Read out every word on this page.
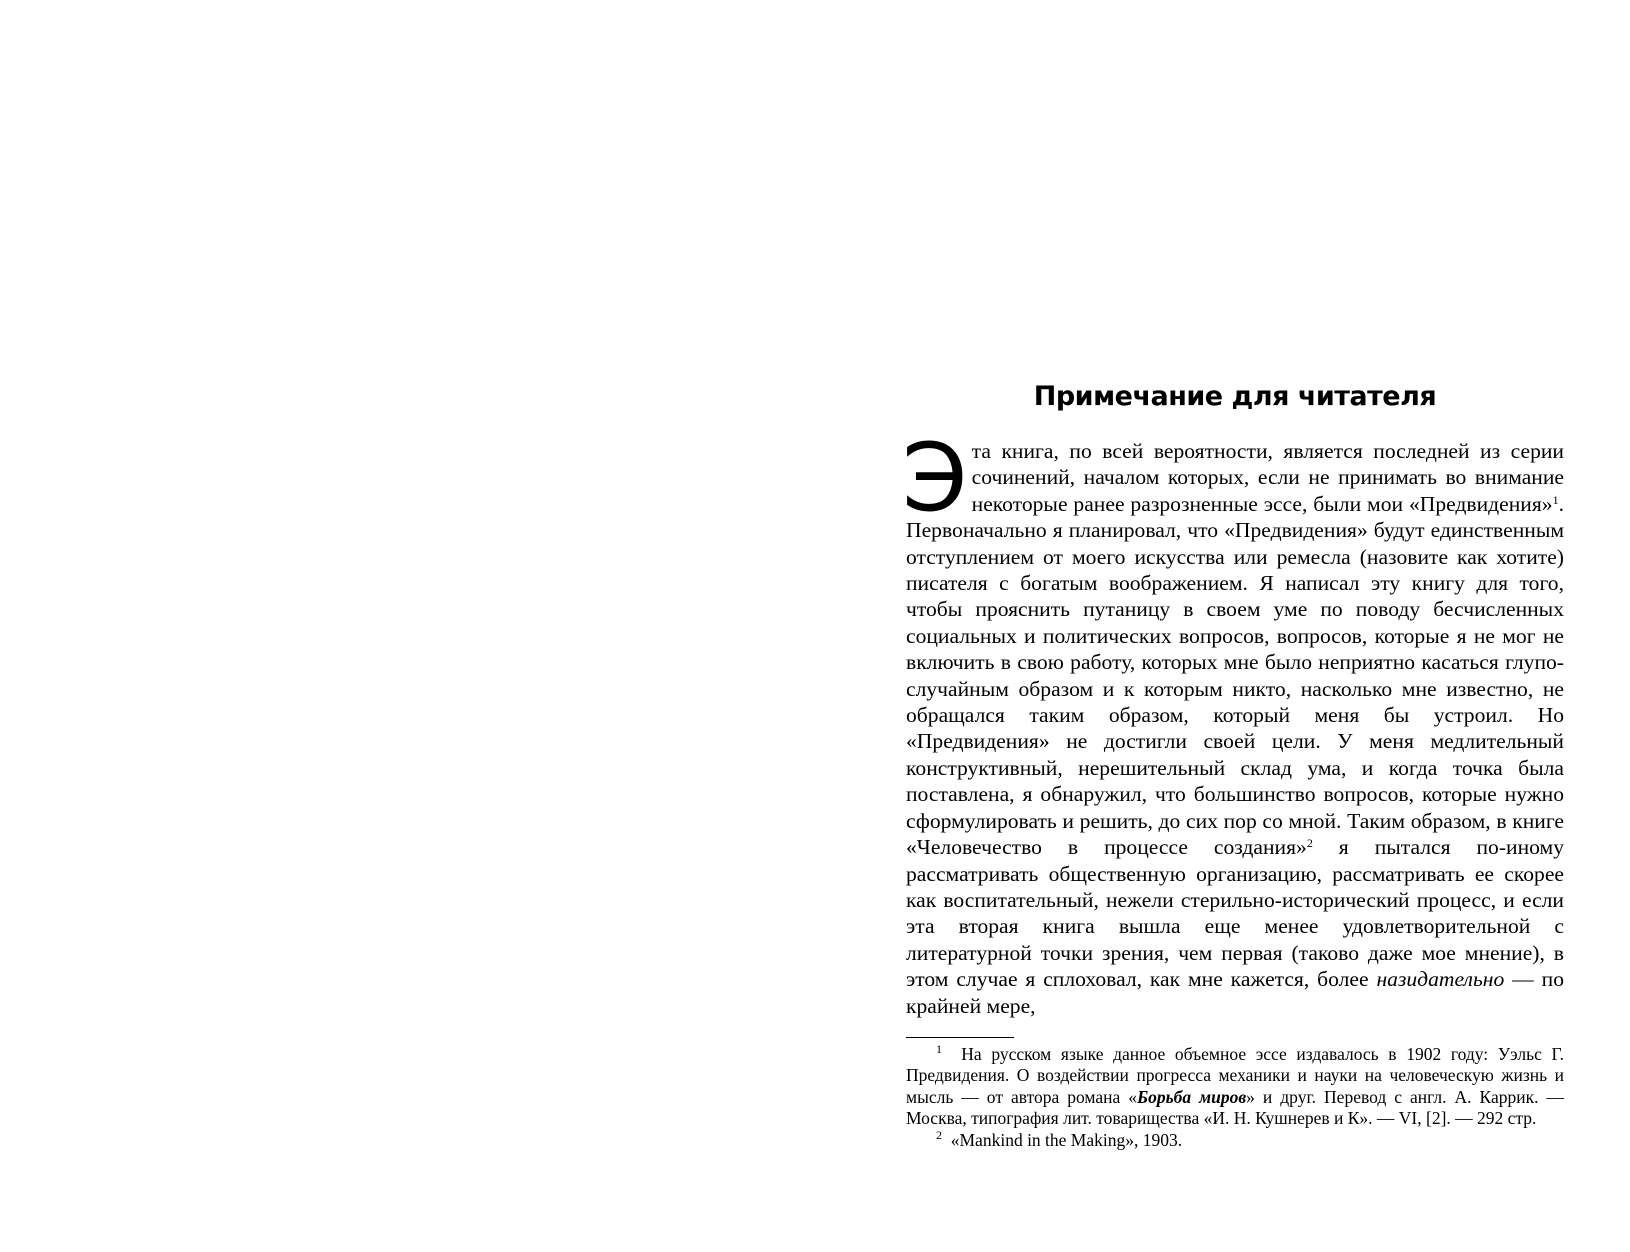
Примечание для читателя

Эта книга, по всей вероятности, является последней из серии сочинений, началом которых, если не принимать во внимание некоторые ранее разрозненные эссе, были мои «Предвидения»$^1$. Первоначально я планировал, что «Предвидения» будут единственным отступлением от моего искусства или ремесла (назовите как хотите) писателя с богатым воображением. Я написал эту книгу для того, чтобы прояснить путаницу в своем уме по поводу бесчисленных социальных и политических вопросов, вопросов, которые я не мог не включить в свою работу, которых мне было неприятно касаться глупо-случайным образом и к которым никто, насколько мне известно, не обращался таким образом, который меня бы устроил. Но «Предвидения» не достигли своей цели. У меня медлительный конструктивный, нерешительный склад ума, и когда точка была поставлена, я обнаружил, что большинство вопросов, которые нужно сформулировать и решить, до сих пор со мной. Таким образом, в книге «Человечество в процессе создания»$^2$ я пытался по-иному рассматривать общественную организацию, рассматривать ее скорее как воспитательный, нежели стерильно-исторический процесс, и если эта вторая книга вышла еще менее удовлетворительной с литературной точки зрения, чем первая (таково даже мое мнение), в этом случае я сплоховал, как мне кажется, более назидательно — по крайней мере,

$^1$ На русском языке данное объемное эссе издавалось в 1902 году: Уэльс Г. Предвидения. О воздействии прогресса механики и науки на человеческую жизнь и мысль — от автора романа «Борьба миров» и друг. Перевод с англ. А. Каррик. — Москва, типография лит. товарищества «И. Н. Кушнерев и К». — VI, [2]. — 292 стр.

$^2$ «Mankind in the Making», 1903.
